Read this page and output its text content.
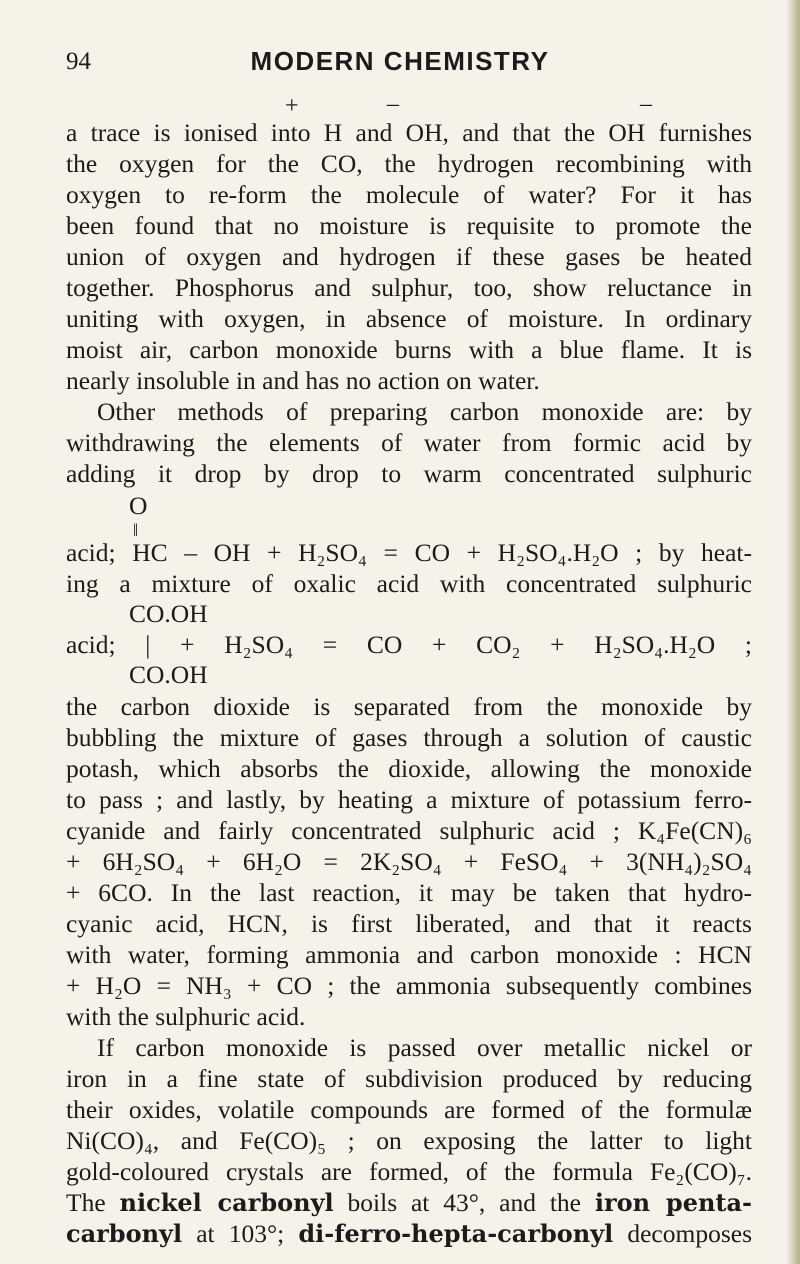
94	MODERN CHEMISTRY
+	–	–
a trace is ionised into H and OH, and that the OH furnishes
the oxygen for the CO, the hydrogen recombining with
oxygen to re-form the molecule of water? For it has
been found that no moisture is requisite to promote the
union of oxygen and hydrogen if these gases be heated
together. Phosphorus and sulphur, too, show reluctance in
uniting with oxygen, in absence of moisture. In ordinary
moist air, carbon monoxide burns with a blue flame. It is
nearly insoluble in and has no action on water.
Other methods of preparing carbon monoxide are: by
withdrawing the elements of water from formic acid by
adding it drop by drop to warm concentrated sulphuric
O
‖
acid; HC – OH + H₂SO₄ = CO + H₂SO₄.H₂O ; by heat-
ing a mixture of oxalic acid with concentrated sulphuric
CO.OH
acid; | + H₂SO₄ = CO + CO₂ + H₂SO₄.H₂O ;
CO.OH
the carbon dioxide is separated from the monoxide by
bubbling the mixture of gases through a solution of caustic
potash, which absorbs the dioxide, allowing the monoxide
to pass ; and lastly, by heating a mixture of potassium ferro-
cyanide and fairly concentrated sulphuric acid ; K₄Fe(CN)₆
+ 6H₂SO₄ + 6H₂O = 2K₂SO₄ + FeSO₄ + 3(NH₄)₂SO₄
+ 6CO. In the last reaction, it may be taken that hydro-
cyanic acid, HCN, is first liberated, and that it reacts
with water, forming ammonia and carbon monoxide : HCN
+ H₂O = NH₃ + CO ; the ammonia subsequently combines
with the sulphuric acid.
If carbon monoxide is passed over metallic nickel or
iron in a fine state of subdivision produced by reducing
their oxides, volatile compounds are formed of the formulæ
Ni(CO)₄, and Fe(CO)₅ ; on exposing the latter to light
gold-coloured crystals are formed, of the formula Fe₂(CO)₇.
The nickel carbonyl boils at 43°, and the iron penta-
carbonyl at 103°; di-ferro-hepta-carbonyl decomposes
